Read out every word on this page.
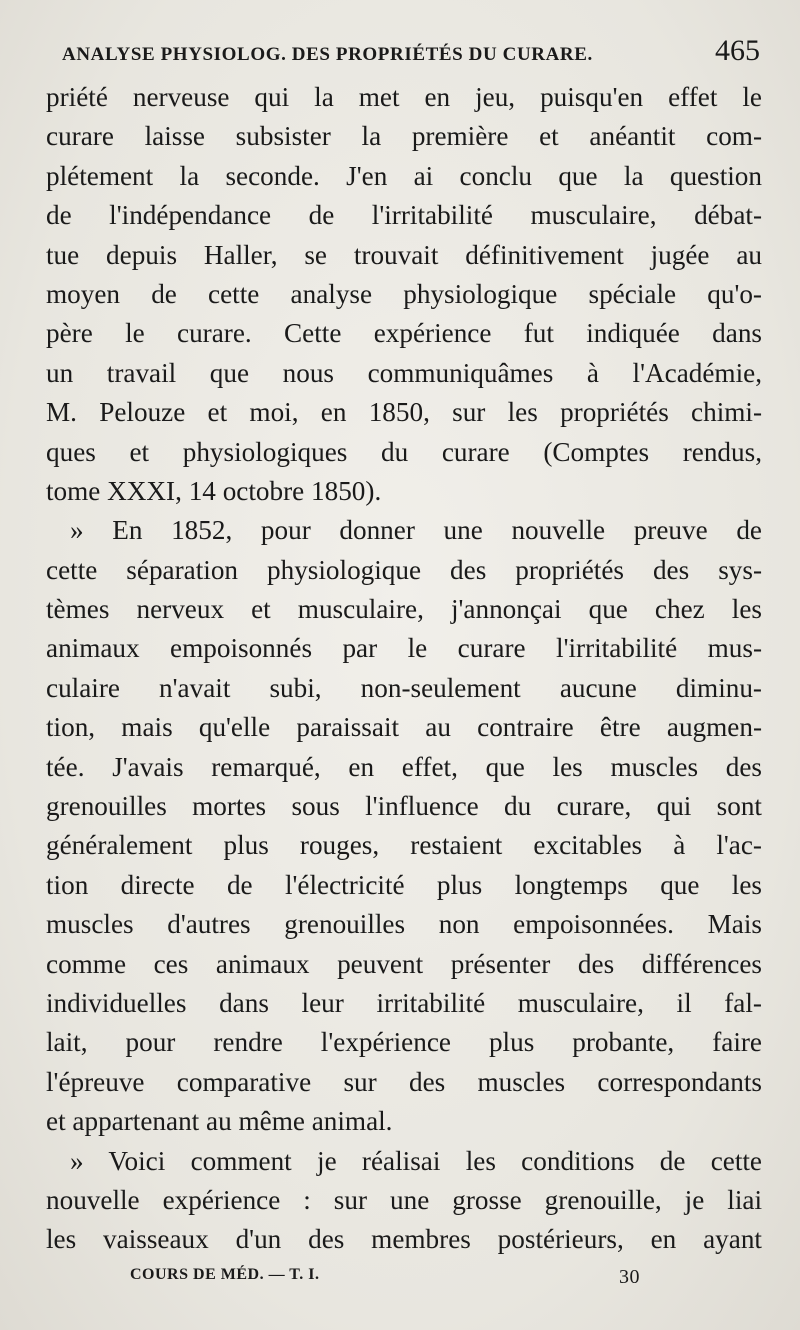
ANALYSE PHYSIOLOG. DES PROPRIÉTÉS DU CURARE.	465
priété nerveuse qui la met en jeu, puisqu'en effet le
curare laisse subsister la première et anéantit com-
plétement la seconde. J'en ai conclu que la question
de l'indépendance de l'irritabilité musculaire, débat-
tue depuis Haller, se trouvait définitivement jugée au
moyen de cette analyse physiologique spéciale qu'o-
père le curare. Cette expérience fut indiquée dans
un travail que nous communiquâmes à l'Académie,
M. Pelouze et moi, en 1850, sur les propriétés chimi-
ques et physiologiques du curare (Comptes rendus,
tome XXXI, 14 octobre 1850).
» En 1852, pour donner une nouvelle preuve de
cette séparation physiologique des propriétés des sys-
tèmes nerveux et musculaire, j'annonçai que chez les
animaux empoisonnés par le curare l'irritabilité mus-
culaire n'avait subi, non-seulement aucune diminu-
tion, mais qu'elle paraissait au contraire être augmen-
tée. J'avais remarqué, en effet, que les muscles des
grenouilles mortes sous l'influence du curare, qui sont
généralement plus rouges, restaient excitables à l'ac-
tion directe de l'électricité plus longtemps que les
muscles d'autres grenouilles non empoisonnées. Mais
comme ces animaux peuvent présenter des différences
individuelles dans leur irritabilité musculaire, il fal-
lait, pour rendre l'expérience plus probante, faire
l'épreuve comparative sur des muscles correspondants
et appartenant au même animal.
» Voici comment je réalisai les conditions de cette
nouvelle expérience : sur une grosse grenouille, je liai
les vaisseaux d'un des membres postérieurs, en ayant
COURS DE MÉD. — T. I.	30
